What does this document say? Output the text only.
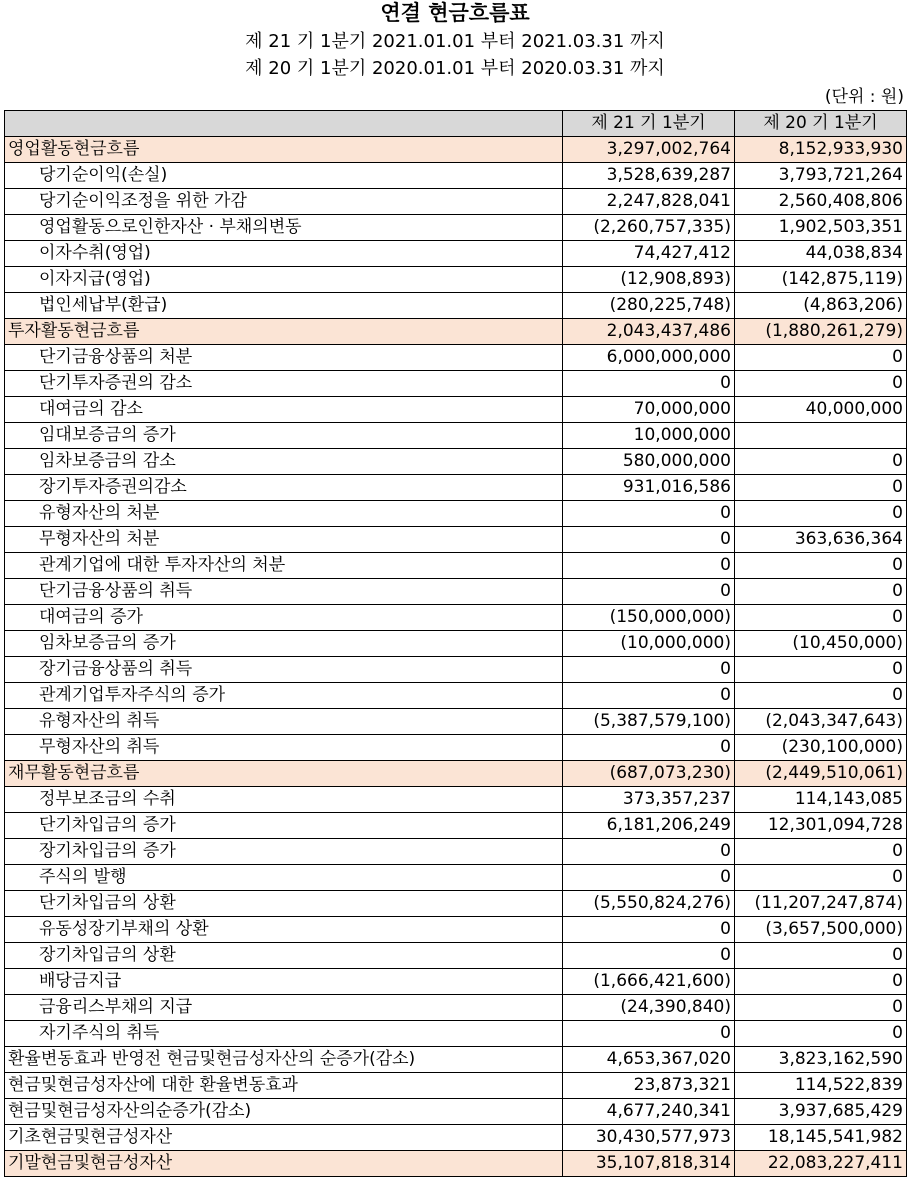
연결 현금흐름표
제 21 기 1분기 2021.01.01 부터 2021.03.31 까지
제 20 기 1분기 2020.01.01 부터 2020.03.31 까지
(단위 : 원)
	제 21 기 1분기	제 20 기 1분기
영업활동현금흐름	3,297,002,764	8,152,933,930
당기순이익(손실)	3,528,639,287	3,793,721,264
당기순이익조정을 위한 가감	2,247,828,041	2,560,408,806
영업활동으로인한자산 · 부채의변동	(2,260,757,335)	1,902,503,351
이자수취(영업)	74,427,412	44,038,834
이자지급(영업)	(12,908,893)	(142,875,119)
법인세납부(환급)	(280,225,748)	(4,863,206)
투자활동현금흐름	2,043,437,486	(1,880,261,279)
단기금융상품의 처분	6,000,000,000	0
단기투자증권의 감소	0	0
대여금의 감소	70,000,000	40,000,000
임대보증금의 증가	10,000,000	
임차보증금의 감소	580,000,000	0
장기투자증권의감소	931,016,586	0
유형자산의 처분	0	0
무형자산의 처분	0	363,636,364
관계기업에 대한 투자자산의 처분	0	0
단기금융상품의 취득	0	0
대여금의 증가	(150,000,000)	0
임차보증금의 증가	(10,000,000)	(10,450,000)
장기금융상품의 취득	0	0
관계기업투자주식의 증가	0	0
유형자산의 취득	(5,387,579,100)	(2,043,347,643)
무형자산의 취득	0	(230,100,000)
재무활동현금흐름	(687,073,230)	(2,449,510,061)
정부보조금의 수취	373,357,237	114,143,085
단기차입금의 증가	6,181,206,249	12,301,094,728
장기차입금의 증가	0	0
주식의 발행	0	0
단기차입금의 상환	(5,550,824,276)	(11,207,247,874)
유동성장기부채의 상환	0	(3,657,500,000)
장기차입금의 상환	0	0
배당금지급	(1,666,421,600)	0
금융리스부채의 지급	(24,390,840)	0
자기주식의 취득	0	0
환율변동효과 반영전 현금및현금성자산의 순증가(감소)	4,653,367,020	3,823,162,590
현금및현금성자산에 대한 환율변동효과	23,873,321	114,522,839
현금및현금성자산의순증가(감소)	4,677,240,341	3,937,685,429
기초현금및현금성자산	30,430,577,973	18,145,541,982
기말현금및현금성자산	35,107,818,314	22,083,227,411
